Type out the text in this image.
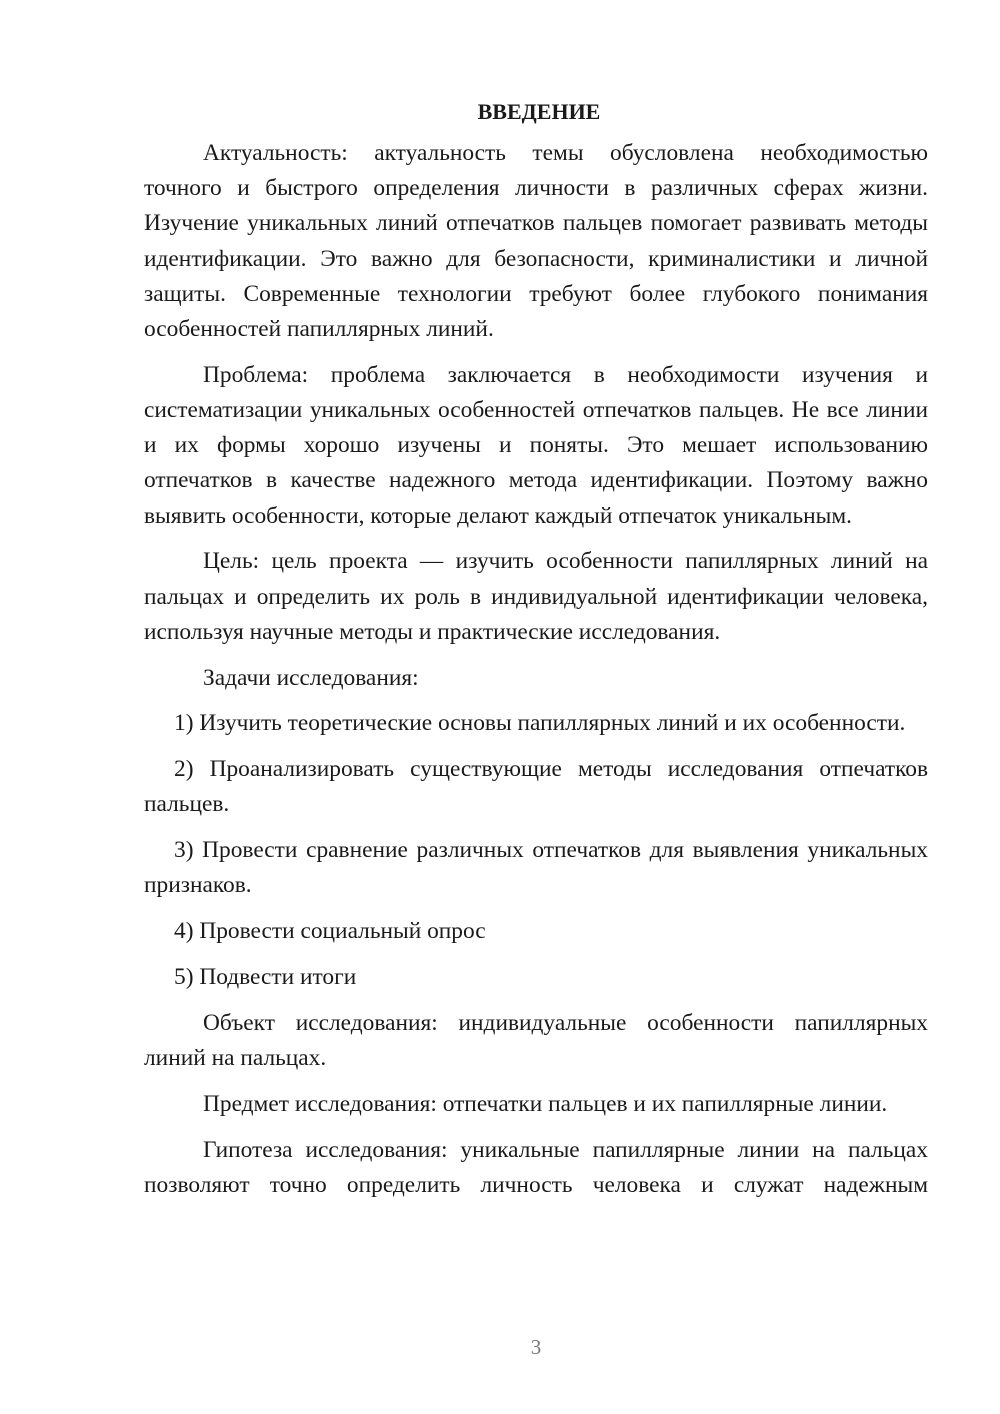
ВВЕДЕНИЕ

Актуальность: актуальность темы обусловлена необходимостью точного и быстрого определения личности в различных сферах жизни. Изучение уникальных линий отпечатков пальцев помогает развивать методы идентификации. Это важно для безопасности, криминалистики и личной защиты. Современные технологии требуют более глубокого понимания особенностей папиллярных линий.

Проблема: проблема заключается в необходимости изучения и систематизации уникальных особенностей отпечатков пальцев. Не все линии и их формы хорошо изучены и поняты. Это мешает использованию отпечатков в качестве надежного метода идентификации. Поэтому важно выявить особенности, которые делают каждый отпечаток уникальным.

Цель: цель проекта — изучить особенности папиллярных линий на пальцах и определить их роль в индивидуальной идентификации человека, используя научные методы и практические исследования.

Задачи исследования:

1) Изучить теоретические основы папиллярных линий и их особенности.

2) Проанализировать существующие методы исследования отпечатков пальцев.

3) Провести сравнение различных отпечатков для выявления уникальных признаков.

4) Провести социальный опрос

5) Подвести итоги

Объект исследования: индивидуальные особенности папиллярных линий на пальцах.

Предмет исследования: отпечатки пальцев и их папиллярные линии.

Гипотеза исследования: уникальные папиллярные линии на пальцах позволяют точно определить личность человека и служат надежным

3
